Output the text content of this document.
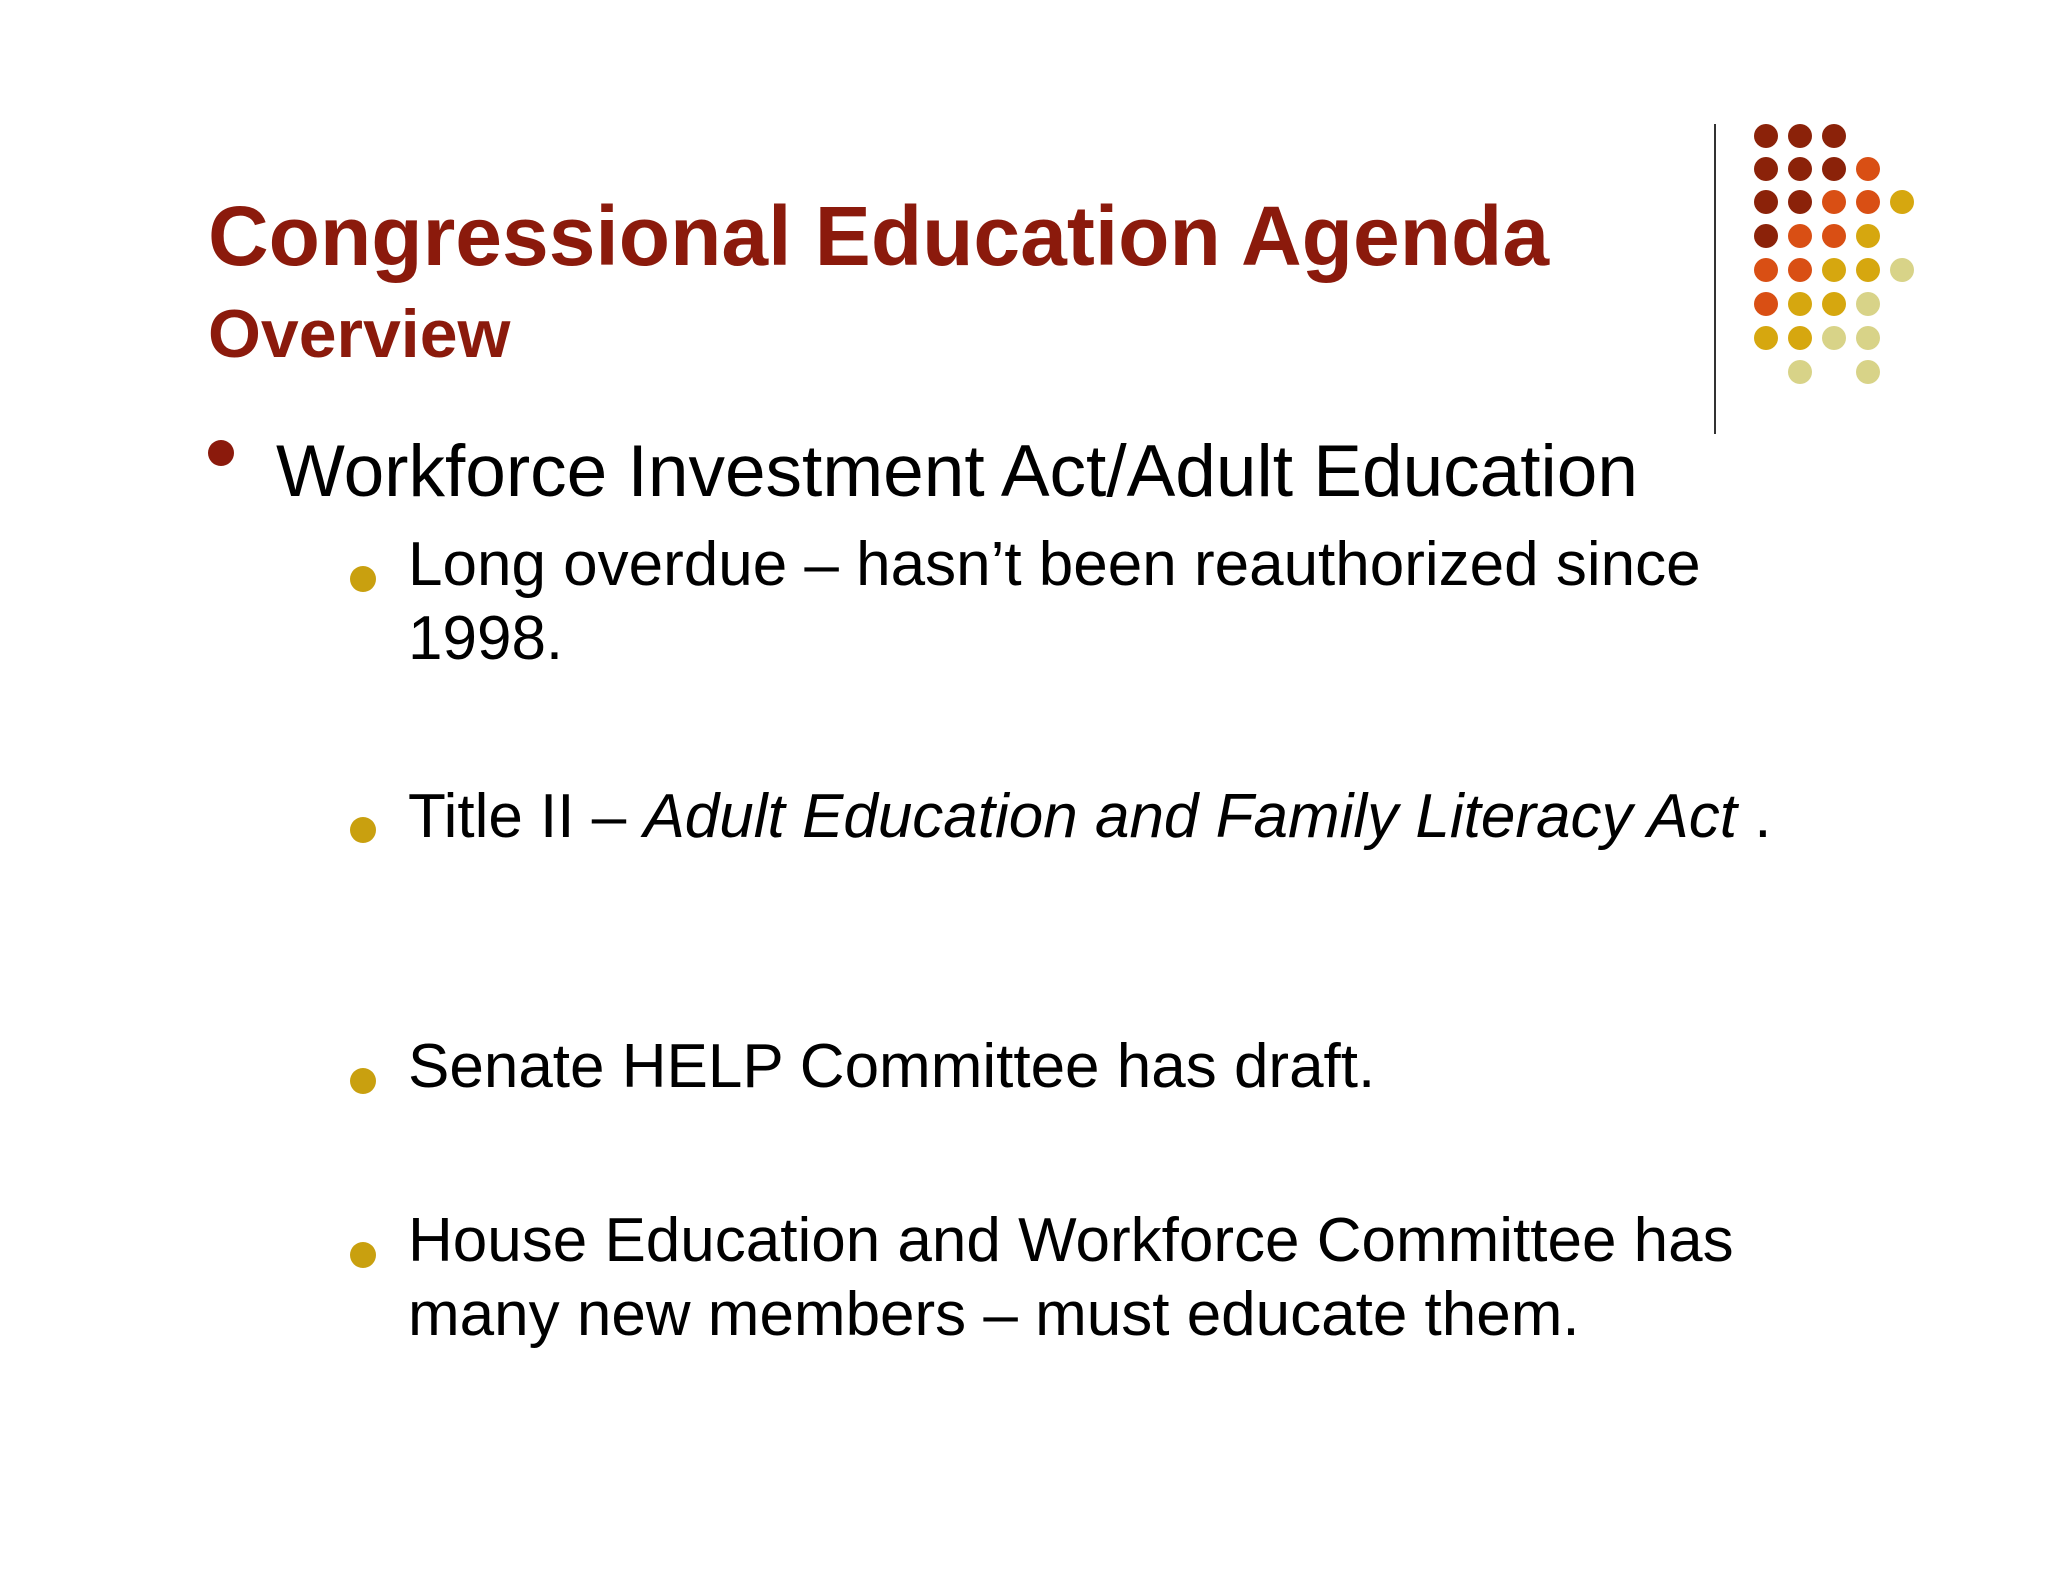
Congressional Education Agenda
Overview
Workforce Investment Act/Adult Education
Long overdue – hasn’t been reauthorized since 1998.
Title II – Adult Education and Family Literacy Act .
Senate HELP Committee has draft.
House Education and Workforce Committee has many new members – must educate them.
